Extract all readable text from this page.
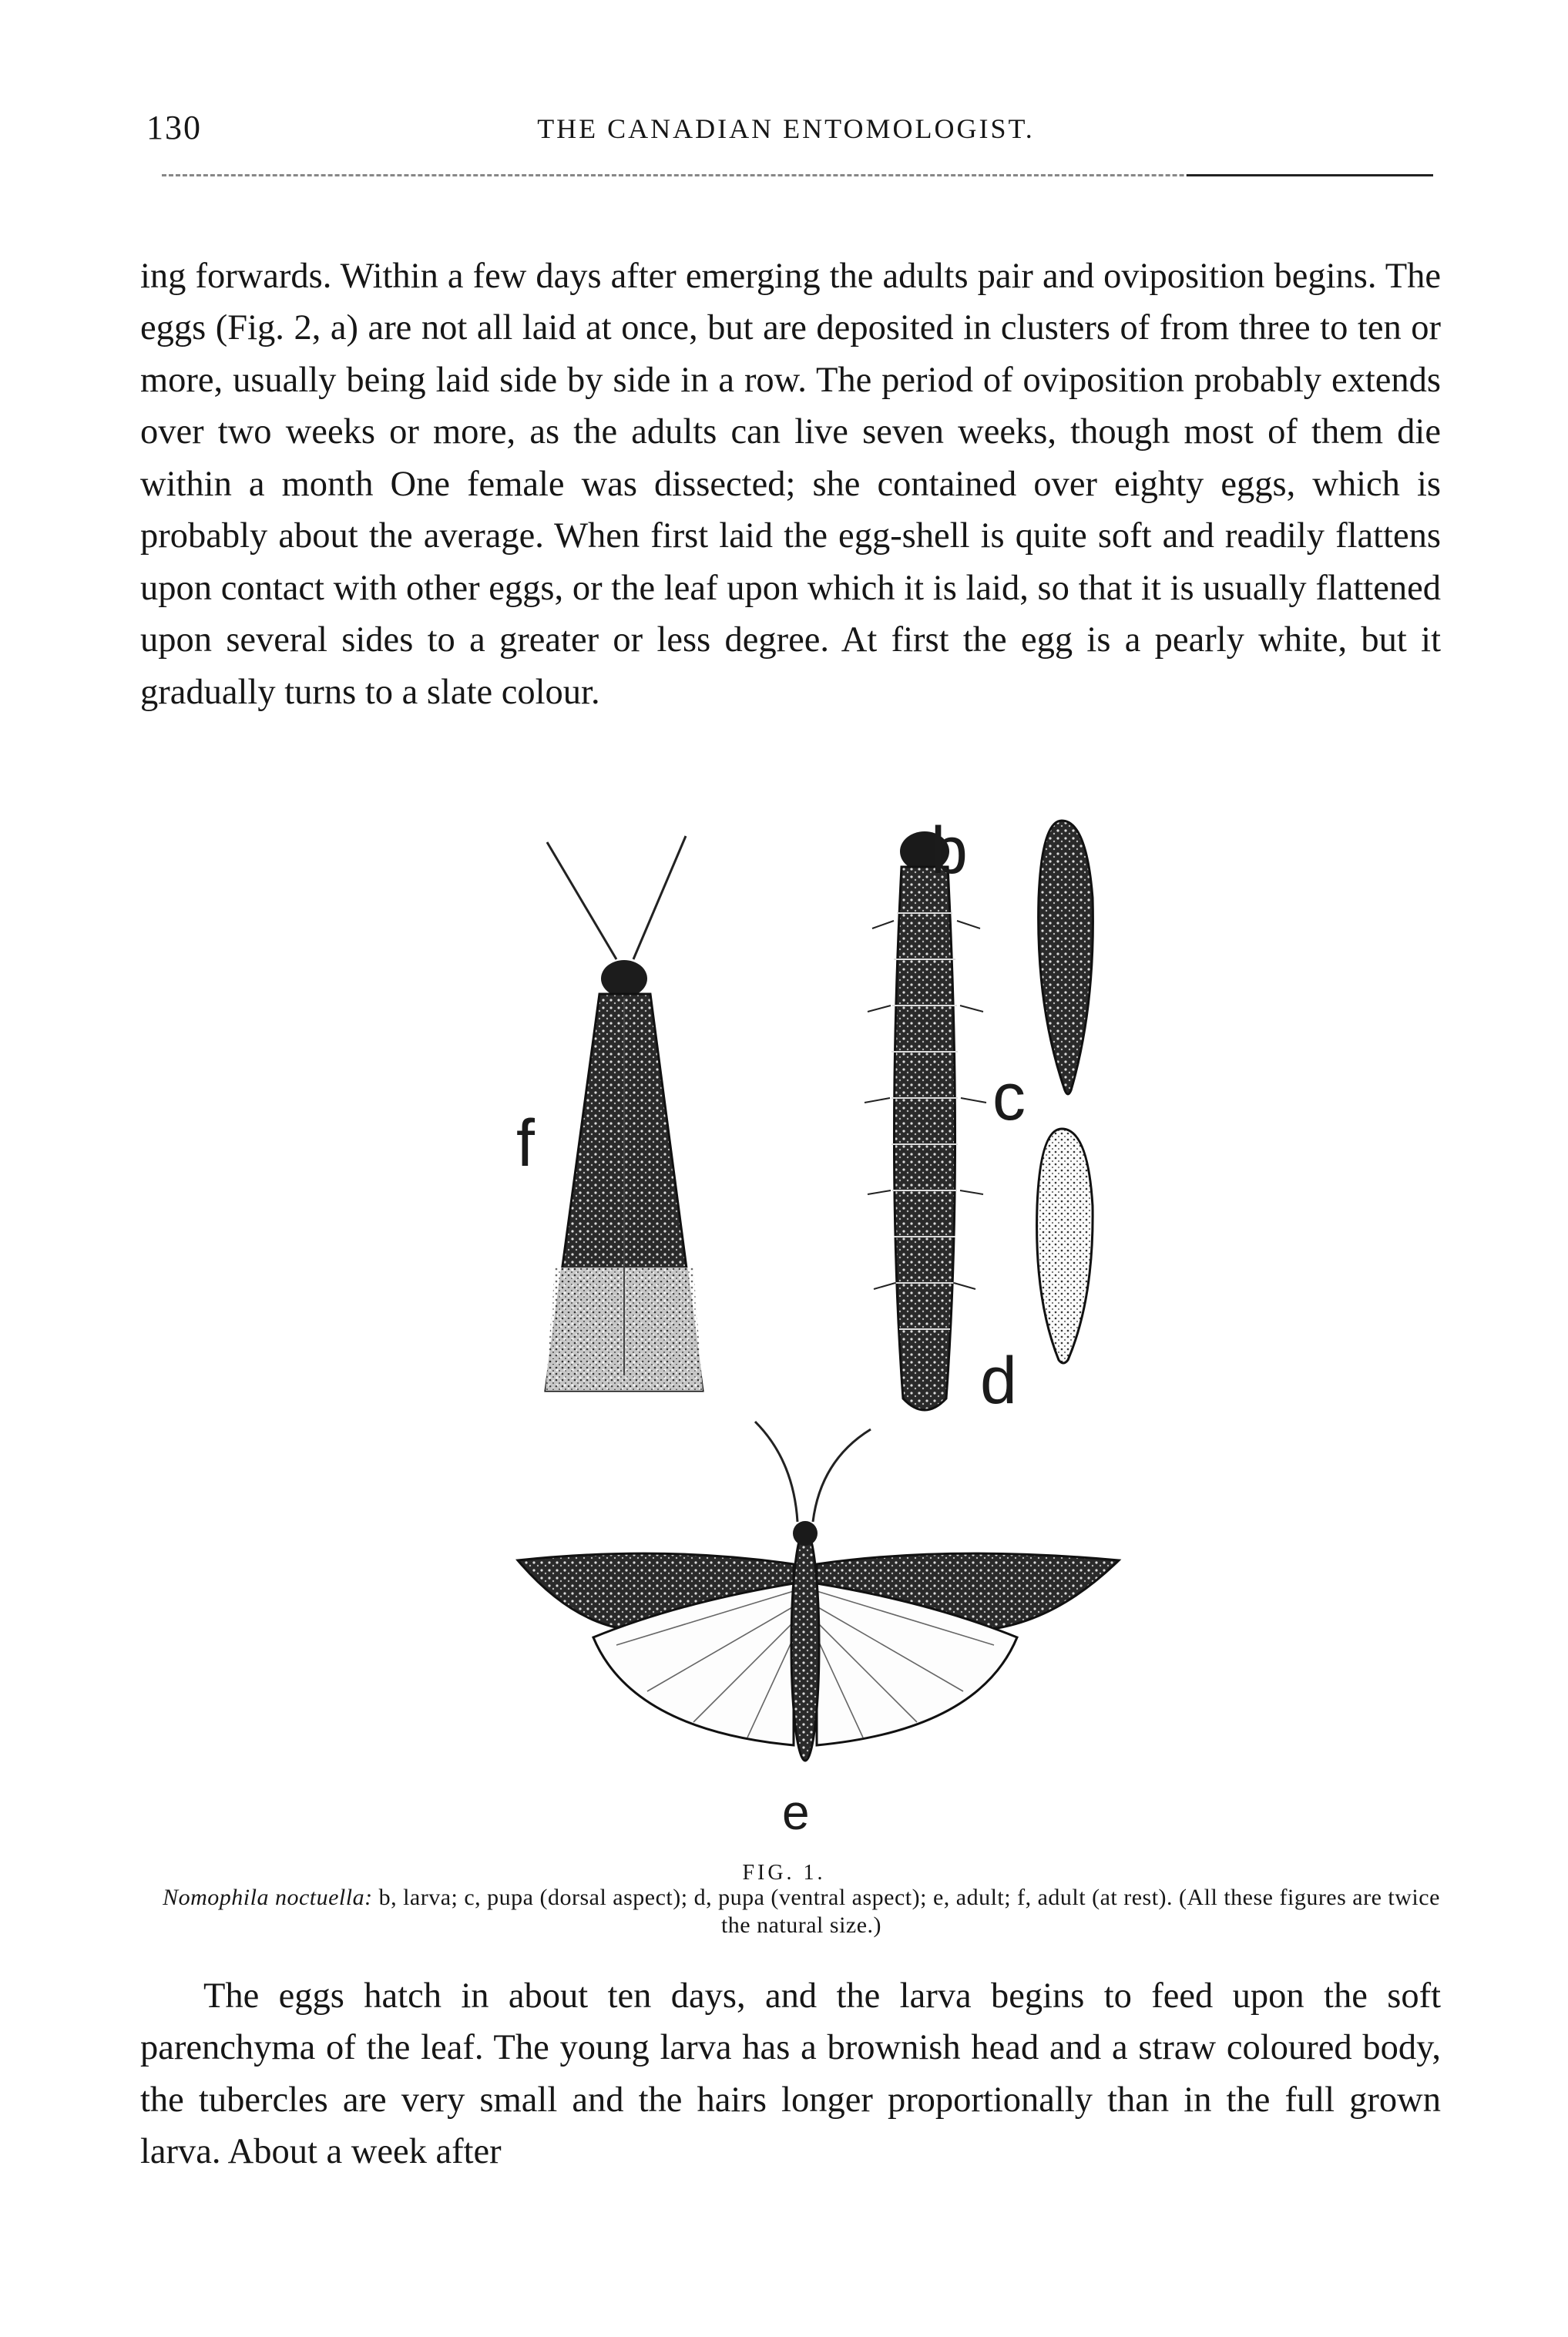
130	THE CANADIAN ENTOMOLOGIST.

ing forwards. Within a few days after emerging the adults pair and oviposition begins. The eggs (Fig. 2, a) are not all laid at once, but are deposited in clusters of from three to ten or more, usually being laid side by side in a row. The period of oviposition probably extends over two weeks or more, as the adults can live seven weeks, though most of them die within a month One female was dissected; she contained over eighty eggs, which is probably about the average. When first laid the egg-shell is quite soft and readily flattens upon contact with other eggs, or the leaf upon which it is laid, so that it is usually flattened upon several sides to a greater or less degree. At first the egg is a pearly white, but it gradually turns to a slate colour.

b
c
d
f
e
FIG. 1.
Nomophila noctuella: b, larva; c, pupa (dorsal aspect); d, pupa (ventral aspect); e, adult; f, adult (at rest). (All these figures are twice the natural size.)

The eggs hatch in about ten days, and the larva begins to feed upon the soft parenchyma of the leaf. The young larva has a brownish head and a straw coloured body, the tubercles are very small and the hairs longer proportionally than in the full grown larva. About a week after
